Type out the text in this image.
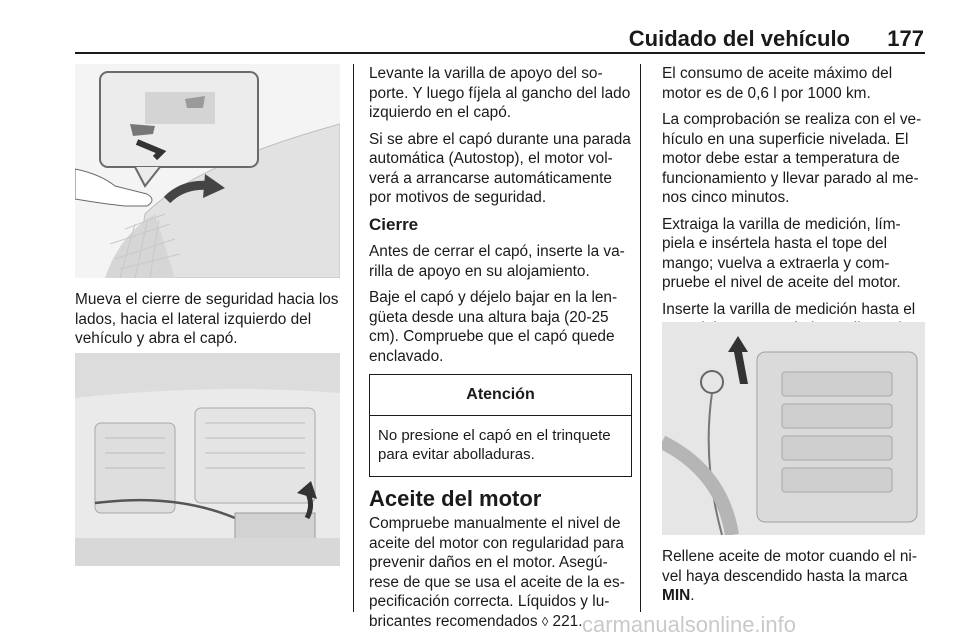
Cuidado del vehículo	177

Mueva el cierre de seguridad hacia los lados, hacia el lateral izquierdo del vehículo y abra el capó.

Levante la varilla de apoyo del soporte. Y luego fíjela al gancho del lado izquierdo en el capó.

Si se abre el capó durante una parada automática (Autostop), el motor volverá a arrancarse automáticamente por motivos de seguridad.

Cierre

Antes de cerrar el capó, inserte la varilla de apoyo en su alojamiento.

Baje el capó y déjelo bajar en la lengüeta desde una altura baja (20-25 cm). Compruebe que el capó quede enclavado.

Atención
No presione el capó en el trinquete para evitar abolladuras.
Aceite del motor

Compruebe manualmente el nivel de aceite del motor con regularidad para prevenir daños en el motor. Asegúrese de que se usa el aceite de la especificación correcta. Líquidos y lubricantes recomendados ◊ 221.

El consumo de aceite máximo del motor es de 0,6 l por 1000 km.

La comprobación se realiza con el vehículo en una superficie nivelada. El motor debe estar a temperatura de funcionamiento y llevar parado al menos cinco minutos.

Extraiga la varilla de medición, límpiela e insértela hasta el tope del mango; vuelva a extraerla y compruebe el nivel de aceite del motor.

Inserte la varilla de medición hasta el

Rellene aceite de motor cuando el nivel haya descendido hasta la marca MIN.

carmanualsonline.info
